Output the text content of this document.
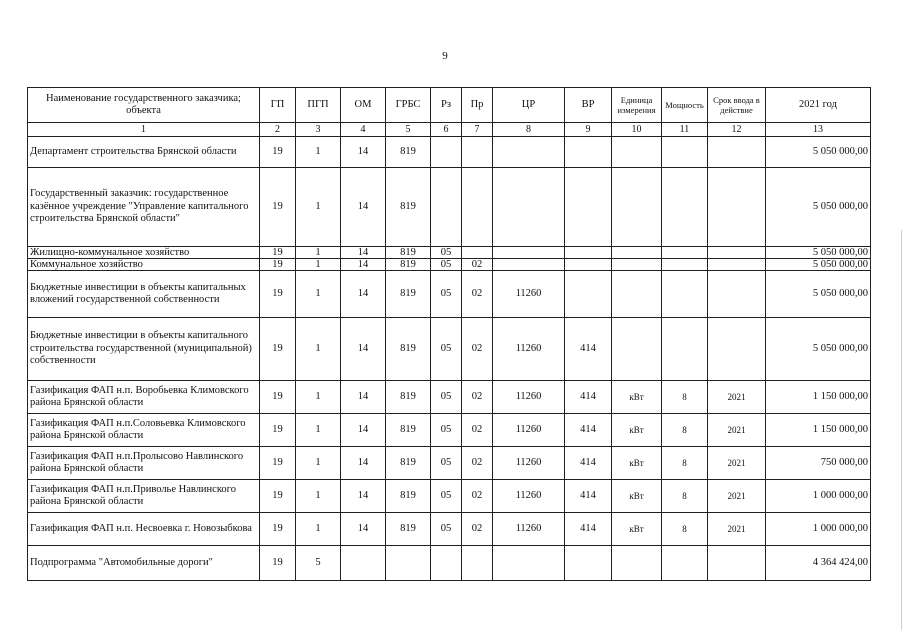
9
Наименование государственного заказчика; объекта	ГП	ПГП	ОМ	ГРБС	Рз	Пр	ЦР	ВР	Единица измерения	Мощность	Срок ввода в действие	2021 год
1	2	3	4	5	6	7	8	9	10	11	12	13
Департамент строительства Брянской области	19	1	14	819								5 050 000,00
Государственный заказчик: государственное казённое учреждение "Управление капитального строительства Брянской области"	19	1	14	819								5 050 000,00
Жилищно-коммунальное хозяйство	19	1	14	819	05							5 050 000,00
Коммунальное хозяйство	19	1	14	819	05	02						5 050 000,00
Бюджетные инвестиции в объекты капитальных вложений государственной собственности	19	1	14	819	05	02	11260					5 050 000,00
Бюджетные инвестиции в объекты капитального строительства государственной (муниципальной) собственности	19	1	14	819	05	02	11260	414				5 050 000,00
Газификация ФАП н.п. Воробьевка Климовского района Брянской области	19	1	14	819	05	02	11260	414	кВт	8	2021	1 150 000,00
Газификация ФАП н.п.Соловьевка Климовского района Брянской области	19	1	14	819	05	02	11260	414	кВт	8	2021	1 150 000,00
Газификация ФАП н.п.Пролысово Навлинского района Брянской области	19	1	14	819	05	02	11260	414	кВт	8	2021	750 000,00
Газификация ФАП н.п.Приволье Навлинского района Брянской области	19	1	14	819	05	02	11260	414	кВт	8	2021	1 000 000,00
Газификация ФАП н.п. Несвоевка г. Новозыбкова	19	1	14	819	05	02	11260	414	кВт	8	2021	1 000 000,00
Подпрограмма "Автомобильные дороги"	19	5										4 364 424,00
